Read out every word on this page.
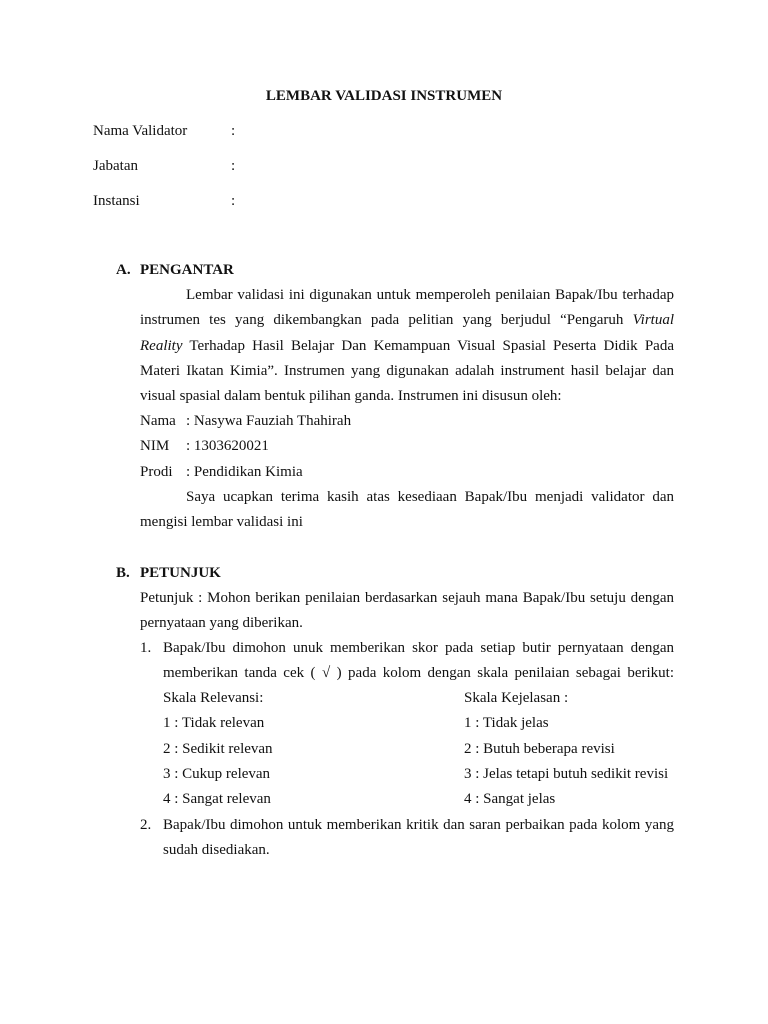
LEMBAR VALIDASI INSTRUMEN
Nama Validator	:
Jabatan	:
Instansi	:
A. PENGANTAR
Lembar validasi ini digunakan untuk memperoleh penilaian Bapak/Ibu terhadap
instrumen tes yang dikembangkan pada pelitian yang berjudul “Pengaruh Virtual
Reality Terhadap Hasil Belajar Dan Kemampuan Visual Spasial Peserta Didik Pada
Materi Ikatan Kimia”. Instrumen yang digunakan adalah instrument hasil belajar dan
visual spasial dalam bentuk pilihan ganda. Instrumen ini disusun oleh:
Nama : Nasywa Fauziah Thahirah
NIM : 1303620021
Prodi : Pendidikan Kimia
Saya ucapkan terima kasih atas kesediaan Bapak/Ibu menjadi validator dan
mengisi lembar validasi ini
B. PETUNJUK
Petunjuk : Mohon berikan penilaian berdasarkan sejauh mana Bapak/Ibu setuju dengan
pernyataan yang diberikan.
1. Bapak/Ibu dimohon unuk memberikan skor pada setiap butir pernyataan dengan
memberikan tanda cek ( √ ) pada kolom dengan skala penilaian sebagai berikut:
Skala Relevansi:	Skala Kejelasan :
1 : Tidak relevan	1 : Tidak jelas
2 : Sedikit relevan	2 : Butuh beberapa revisi
3 : Cukup relevan	3 : Jelas tetapi butuh sedikit revisi
4 : Sangat relevan	4 : Sangat jelas
2. Bapak/Ibu dimohon untuk memberikan kritik dan saran perbaikan pada kolom yang
sudah disediakan.
